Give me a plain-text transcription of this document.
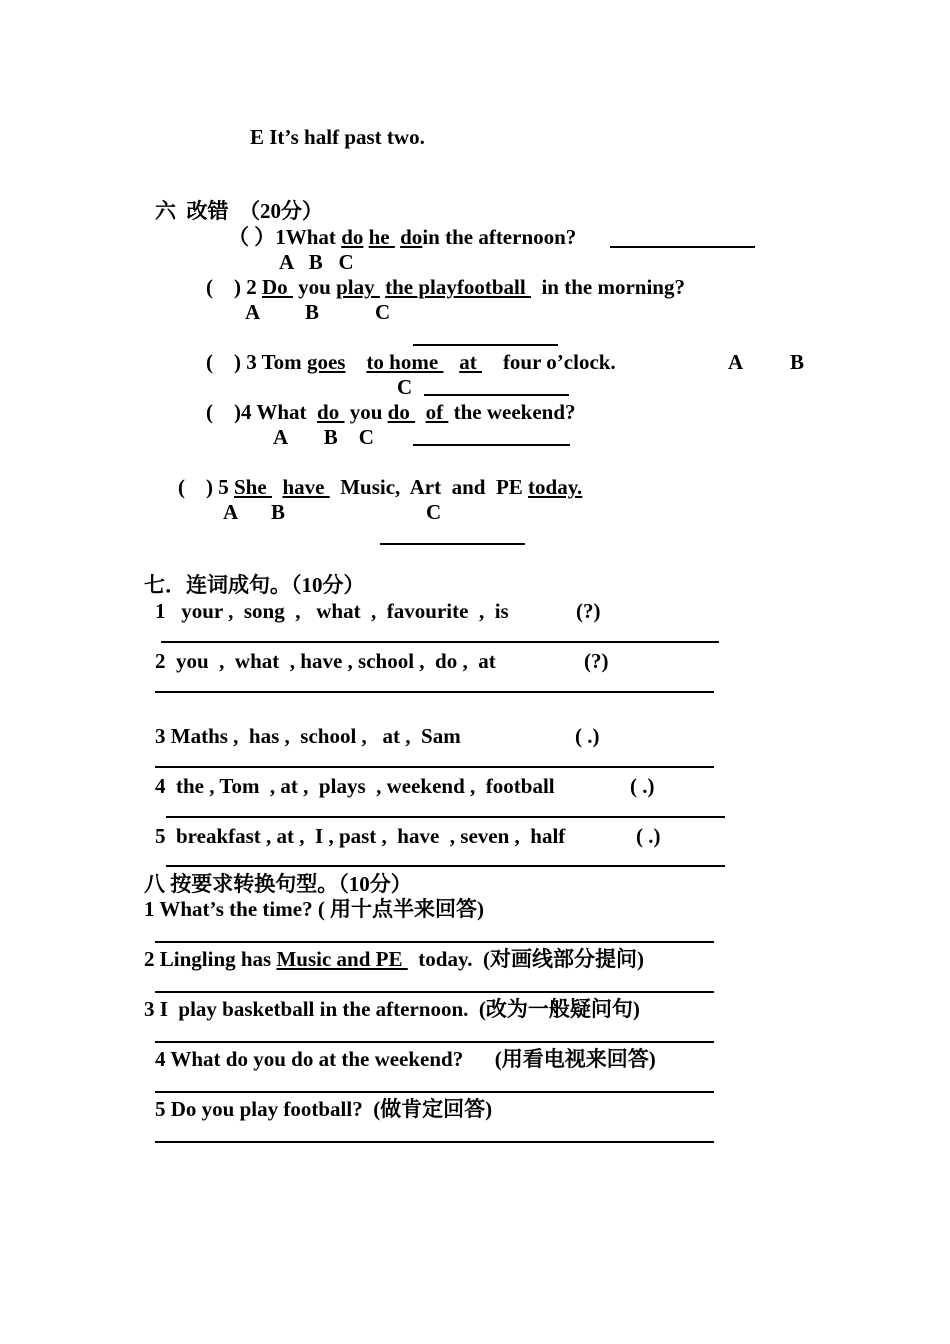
E It’s half past two.
六  改错  （20分）
（ ）1What do he  doin the afternoon?
A   B   C
(    ) 2 Do  you play  the playfootball   in the morning?
A B	C
(    ) 3 Tom goes to home    at     four o’clock.	A B
C
(    )4 What  do  you do   of  the weekend?
A       B    C
(    ) 5 She   have   Music,  Art  and  PE today.
A B	C
七．连词成句。（10分）
1   your ,  song  ,   what  ,  favourite  ,  is	(?)
2  you  ,  what  , have , school ,  do ,  at	(?)
3 Maths ,  has ,  school ,   at ,  Sam	( .)
4  the , Tom  , at ,  plays  , weekend ,  football	( .)
5  breakfast , at ,  I , past ,  have  , seven ,  half	( .)
八 按要求转换句型。（10分）
1 What’s the time? ( 用十点半来回答)
2 Lingling has Music and PE   today.  (对画线部分提问)
3 I  play basketball in the afternoon.  (改为一般疑问句)
4 What do you do at the weekend?      (用看电视来回答)
5 Do you play football?  (做肯定回答)
